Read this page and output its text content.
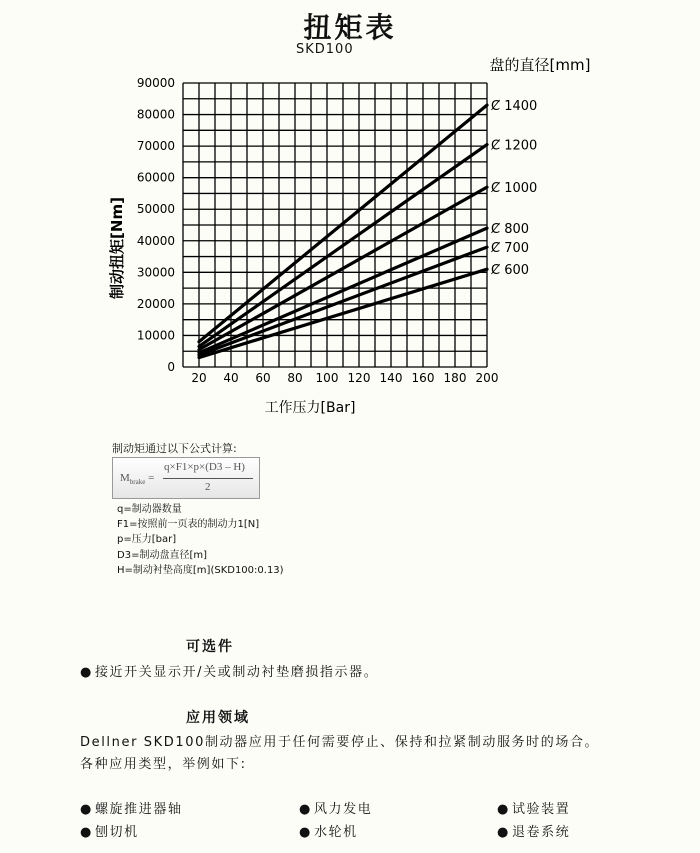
扭矩表
SKD100
0
10000
20000
30000
40000
50000
60000
70000
80000
90000
20 40 60 80 100 120 140 160 180 200
Ȼ 1400
Ȼ 1200
Ȼ 1000
Ȼ 800
Ȼ 700
Ȼ 600
盘的直径[mm]
工作压力[Bar]
制动扭矩[Nm]
制动矩通过以下公式计算:
$M_{brake}$ =
q×F1×p×(D3 – H)
2
q=制动器数量
F1=按照前一页表的制动力1[N]
p=压力[bar]
D3=制动盘直径[m]
H=制动衬垫高度[m](SKD100:0.13)
可选件
● 接近开关显示开/关或制动衬垫磨损指示器。
应用领域
Dellner SKD100制动器应用于任何需要停止、保持和拉紧制动服务时的场合。
各种应用类型，举例如下:
● 螺旋推进器轴	● 风力发电	● 试验装置
● 刨切机	● 水轮机	● 退卷系统
